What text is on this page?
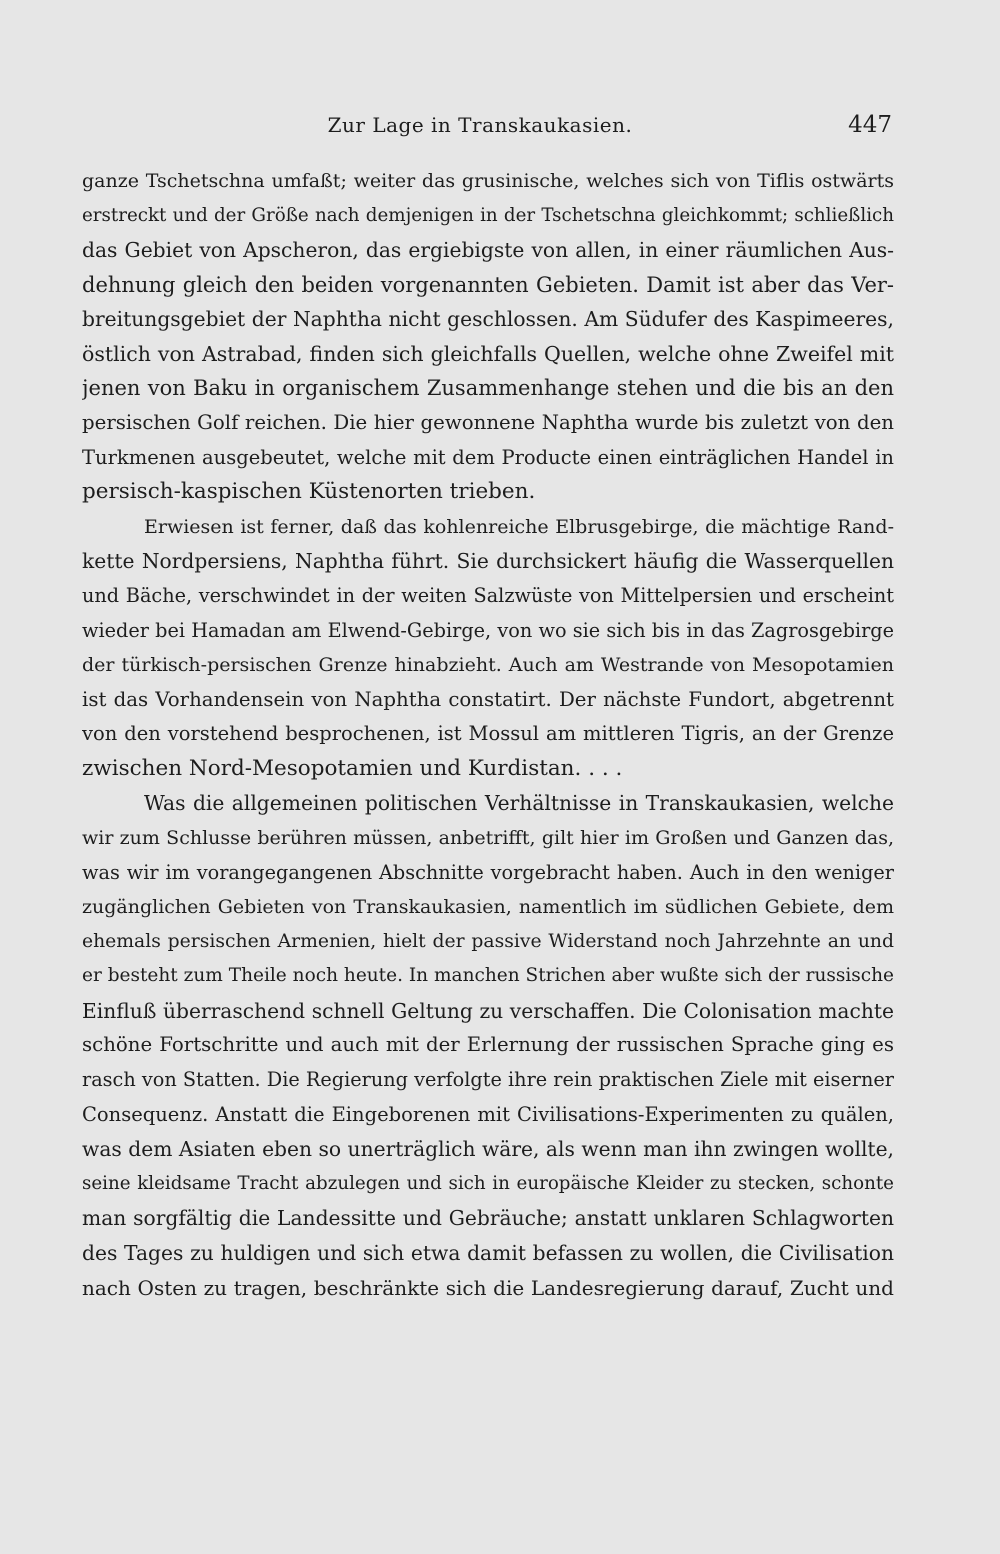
Zur Lage in Transkaukasien.	447
ganze Tschetschna umfaßt; weiter das grusinische, welches sich von Tiflis ostwärts
erstreckt und der Größe nach demjenigen in der Tschetschna gleichkommt; schließlich
das Gebiet von Apscheron, das ergiebigste von allen, in einer räumlichen Aus-
dehnung gleich den beiden vorgenannten Gebieten. Damit ist aber das Ver-
breitungsgebiet der Naphtha nicht geschlossen. Am Südufer des Kaspimeeres,
östlich von Astrabad, finden sich gleichfalls Quellen, welche ohne Zweifel mit
jenen von Baku in organischem Zusammenhange stehen und die bis an den
persischen Golf reichen. Die hier gewonnene Naphtha wurde bis zuletzt von den
Turkmenen ausgebeutet, welche mit dem Producte einen einträglichen Handel in
persisch-kaspischen Küstenorten trieben.
Erwiesen ist ferner, daß das kohlenreiche Elbrusgebirge, die mächtige Rand-
kette Nordpersiens, Naphtha führt. Sie durchsickert häufig die Wasserquellen
und Bäche, verschwindet in der weiten Salzwüste von Mittelpersien und erscheint
wieder bei Hamadan am Elwend-Gebirge, von wo sie sich bis in das Zagrosgebirge
der türkisch-persischen Grenze hinabzieht. Auch am Westrande von Mesopotamien
ist das Vorhandensein von Naphtha constatirt. Der nächste Fundort, abgetrennt
von den vorstehend besprochenen, ist Mossul am mittleren Tigris, an der Grenze
zwischen Nord-Mesopotamien und Kurdistan. . . .
Was die allgemeinen politischen Verhältnisse in Transkaukasien, welche
wir zum Schlusse berühren müssen, anbetrifft, gilt hier im Großen und Ganzen das,
was wir im vorangegangenen Abschnitte vorgebracht haben. Auch in den weniger
zugänglichen Gebieten von Transkaukasien, namentlich im südlichen Gebiete, dem
ehemals persischen Armenien, hielt der passive Widerstand noch Jahrzehnte an und
er besteht zum Theile noch heute. In manchen Strichen aber wußte sich der russische
Einfluß überraschend schnell Geltung zu verschaffen. Die Colonisation machte
schöne Fortschritte und auch mit der Erlernung der russischen Sprache ging es
rasch von Statten. Die Regierung verfolgte ihre rein praktischen Ziele mit eiserner
Consequenz. Anstatt die Eingeborenen mit Civilisations-Experimenten zu quälen,
was dem Asiaten eben so unerträglich wäre, als wenn man ihn zwingen wollte,
seine kleidsame Tracht abzulegen und sich in europäische Kleider zu stecken, schonte
man sorgfältig die Landessitte und Gebräuche; anstatt unklaren Schlagworten
des Tages zu huldigen und sich etwa damit befassen zu wollen, die Civilisation
nach Osten zu tragen, beschränkte sich die Landesregierung darauf, Zucht und
